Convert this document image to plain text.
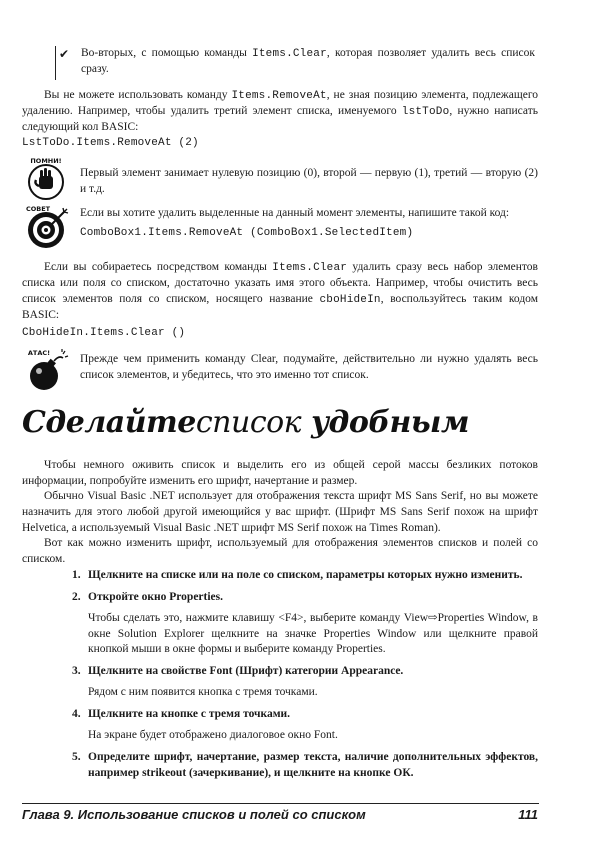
✔	Во-вторых, с помощью команды Items.Clear, которая позволяет удалить весь список сразу.

Вы не можете использовать команду Items.RemoveAt, не зная позицию элемента, подлежащего удалению. Например, чтобы удалить третий элемент списка, именуемого lstToDo, нужно написать следующий кол BASIC:

LstToDo.Items.RemoveAt (2)
ПОМНИ!
Первый элемент занимает нулевую позицию (0), второй — первую (1), третий — вторую (2) и т.д.
СОВЕТ	Если вы хотите удалить выделенные на данный момент элементы, напишите такой код:
ComboBox1.Items.RemoveAt (ComboBox1.SelectedItem)

Если вы собираетесь посредством команды Items.Clear удалить сразу весь набор элементов списка или поля со списком, достаточно указать имя этого объекта. Например, чтобы очистить весь список элементов поля со списком, носящего название cboHideIn, воспользуйтесь таким кодом BASIC:

CboHideIn.Items.Clear ()
АТАС!	Прежде чем применить команду Clear, подумайте, действительно ли нужно удалять весь список элементов, и убедитесь, что это именно тот список.
Сделайтесписок удобным

Чтобы немного оживить список и выделить его из общей серой массы безликих потоков информации, попробуйте изменить его шрифт, начертание и размер.

Обычно Visual Basic .NET использует для отображения текста шрифт MS Sans Serif, но вы можете назначить для этого любой другой имеющийся у вас шрифт. (Шрифт MS Sans Serif похож на шрифт Helvetica, а используемый Visual Basic .NET шрифт MS Serif похож на Times Roman).

Вот как можно изменить шрифт, используемый для отображения элементов списков и полей со списком.

1. Щелкните на списке или на поле со списком, параметры которых нужно изменить.
2. Откройте окно Properties.
Чтобы сделать это, нажмите клавишу <F4>, выберите команду View⇨Properties Window, в окне Solution Explorer щелкните на значке Properties Window или щелкните правой кнопкой мыши в окне формы и выберите команду Properties.
3. Щелкните на свойстве Font (Шрифт) категории Appearance.
Рядом с ним появится кнопка с тремя точками.
4. Щелкните на кнопке с тремя точками.
На экране будет отображено диалоговое окно Font.
5. Определите шрифт, начертание, размер текста, наличие дополнительных эффектов, например strikeout (зачеркивание), и щелкните на кнопке ОК.
Глава 9. Использование списков и полей со списком	111
